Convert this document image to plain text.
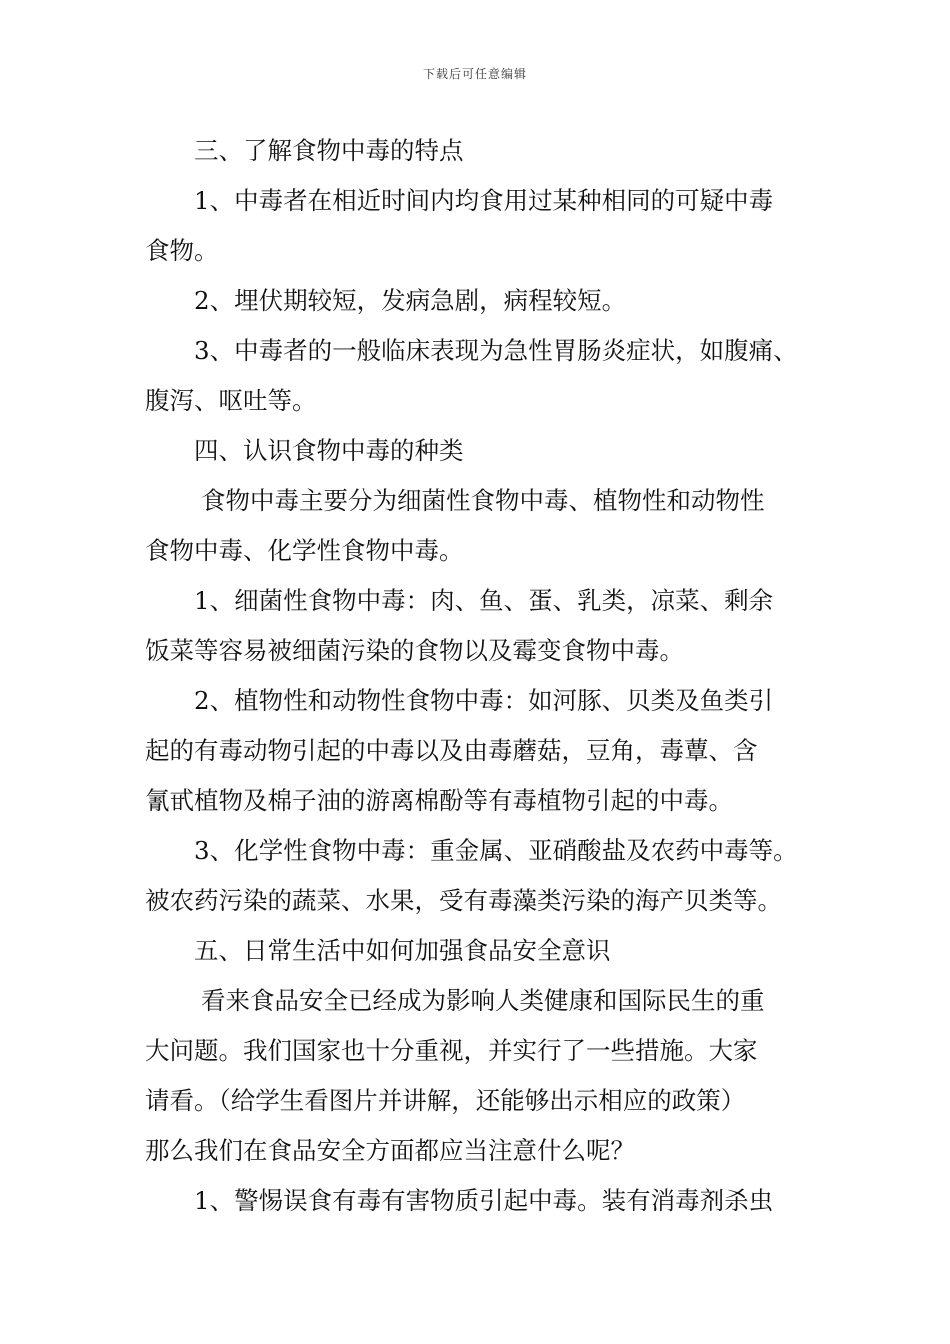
下载后可任意编辑
三、了解食物中毒的特点
1、中毒者在相近时间内均食用过某种相同的可疑中毒
食物。
2、埋伏期较短，发病急剧，病程较短。
3、中毒者的一般临床表现为急性胃肠炎症状，如腹痛、
腹泻、呕吐等。
四、认识食物中毒的种类
食物中毒主要分为细菌性食物中毒、植物性和动物性
食物中毒、化学性食物中毒。
1、细菌性食物中毒：肉、鱼、蛋、乳类，凉菜、剩余
饭菜等容易被细菌污染的食物以及霉变食物中毒。
2、植物性和动物性食物中毒：如河豚、贝类及鱼类引
起的有毒动物引起的中毒以及由毒蘑菇，豆角，毒蕈、含
氰甙植物及棉子油的游离棉酚等有毒植物引起的中毒。
3、化学性食物中毒：重金属、亚硝酸盐及农药中毒等。
被农药污染的蔬菜、水果，受有毒藻类污染的海产贝类等。
五、日常生活中如何加强食品安全意识
看来食品安全已经成为影响人类健康和国际民生的重
大问题。我们国家也十分重视，并实行了一些措施。大家
请看。（给学生看图片并讲解，还能够出示相应的政策）
那么我们在食品安全方面都应当注意什么呢？
1、警惕误食有毒有害物质引起中毒。装有消毒剂杀虫
